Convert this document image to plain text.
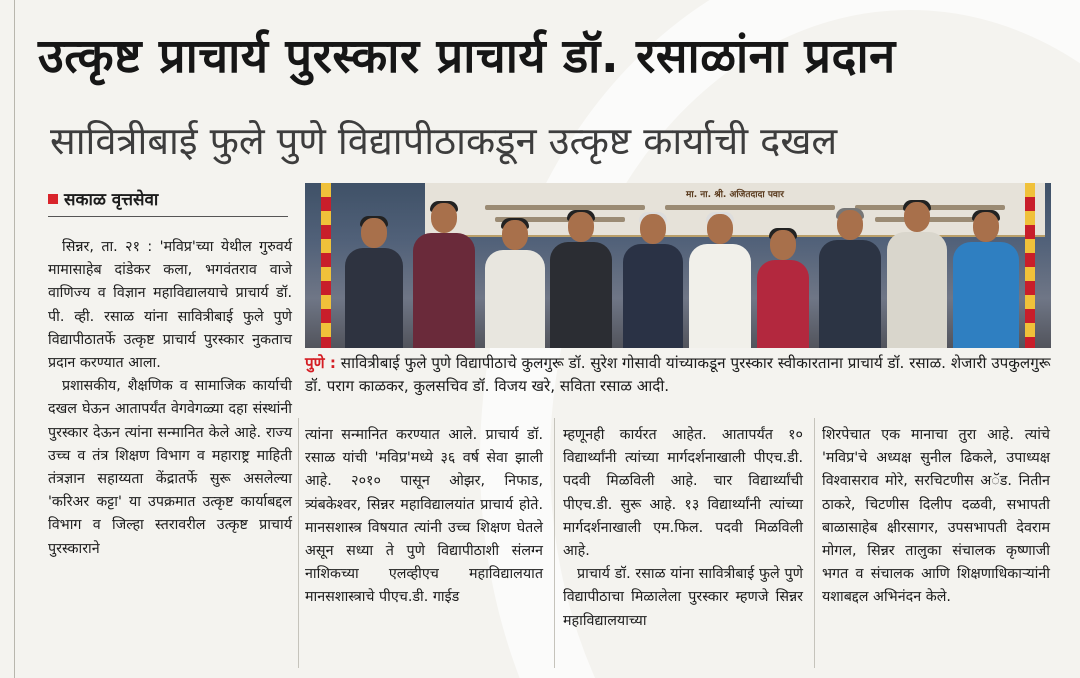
उत्कृष्ट प्राचार्य पुरस्कार प्राचार्य डॉ. रसाळांना प्रदान
सावित्रीबाई फुले पुणे विद्यापीठाकडून उत्कृष्ट कार्याची दखल
सकाळ वृत्तसेवा

सिन्नर, ता. २१ : 'मविप्र'च्या येथील गुरुवर्य मामासाहेब दांडेकर कला, भगवंतराव वाजे वाणिज्य व विज्ञान महाविद्यालयाचे प्राचार्य डॉ. पी. व्ही. रसाळ यांना सावित्रीबाई फुले पुणे विद्यापीठातर्फे उत्कृष्ट प्राचार्य पुरस्कार नुकताच प्रदान करण्यात आला.

प्रशासकीय, शैक्षणिक व सामाजिक कार्याची दखल घेऊन आतापर्यंत वेगवेगळ्या दहा संस्थांनी पुरस्कार देऊन त्यांना सन्मानित केले आहे. राज्य उच्च व तंत्र शिक्षण विभाग व महाराष्ट्र माहिती तंत्रज्ञान सहाय्यता केंद्रातर्फे सुरू असलेल्या 'करिअर कट्टा' या उपक्रमात उत्कृष्ट कार्याबद्दल विभाग व जिल्हा स्तरावरील उत्कृष्ट प्राचार्य पुरस्काराने

मा. ना. श्री. अजितदादा पवार
पुणे : सावित्रीबाई फुले पुणे विद्यापीठाचे कुलगुरू डॉ. सुरेश गोसावी यांच्याकडून पुरस्कार स्वीकारताना प्राचार्य डॉ. रसाळ. शेजारी उपकुलगुरू डॉ. पराग काळकर, कुलसचिव डॉ. विजय खरे, सविता रसाळ आदी.

त्यांना सन्मानित करण्यात आले. प्राचार्य डॉ. रसाळ यांची 'मविप्र'मध्ये ३६ वर्ष सेवा झाली आहे. २०१० पासून ओझर, निफाड, त्र्यंबकेश्वर, सिन्नर महाविद्यालयांत प्राचार्य होते. मानसशास्त्र विषयात त्यांनी उच्च शिक्षण घेतले असून सध्या ते पुणे विद्यापीठाशी संलग्न नाशिकच्या एलव्हीएच महाविद्यालयात मानसशास्त्राचे पीएच.डी. गाईड

म्हणूनही कार्यरत आहेत. आतापर्यंत १० विद्यार्थ्यांनी त्यांच्या मार्गदर्शनाखाली पीएच.डी. पदवी मिळविली आहे. चार विद्यार्थ्यांची पीएच.डी. सुरू आहे. १३ विद्यार्थ्यांनी त्यांच्या मार्गदर्शनाखाली एम.फिल. पदवी मिळविली आहे.

प्राचार्य डॉ. रसाळ यांना सावित्रीबाई फुले पुणे विद्यापीठाचा मिळालेला पुरस्कार म्हणजे सिन्नर महाविद्यालयाच्या

शिरपेचात एक मानाचा तुरा आहे. त्यांचे 'मविप्र'चे अध्यक्ष सुनील ढिकले, उपाध्यक्ष विश्वासराव मोरे, सरचिटणीस अॅड. नितीन ठाकरे, चिटणीस दिलीप दळवी, सभापती बाळासाहेब क्षीरसागर, उपसभापती देवराम मोगल, सिन्नर तालुका संचालक कृष्णाजी भगत व संचालक आणि शिक्षणाधिकाऱ्यांनी यशाबद्दल अभिनंदन केले.
